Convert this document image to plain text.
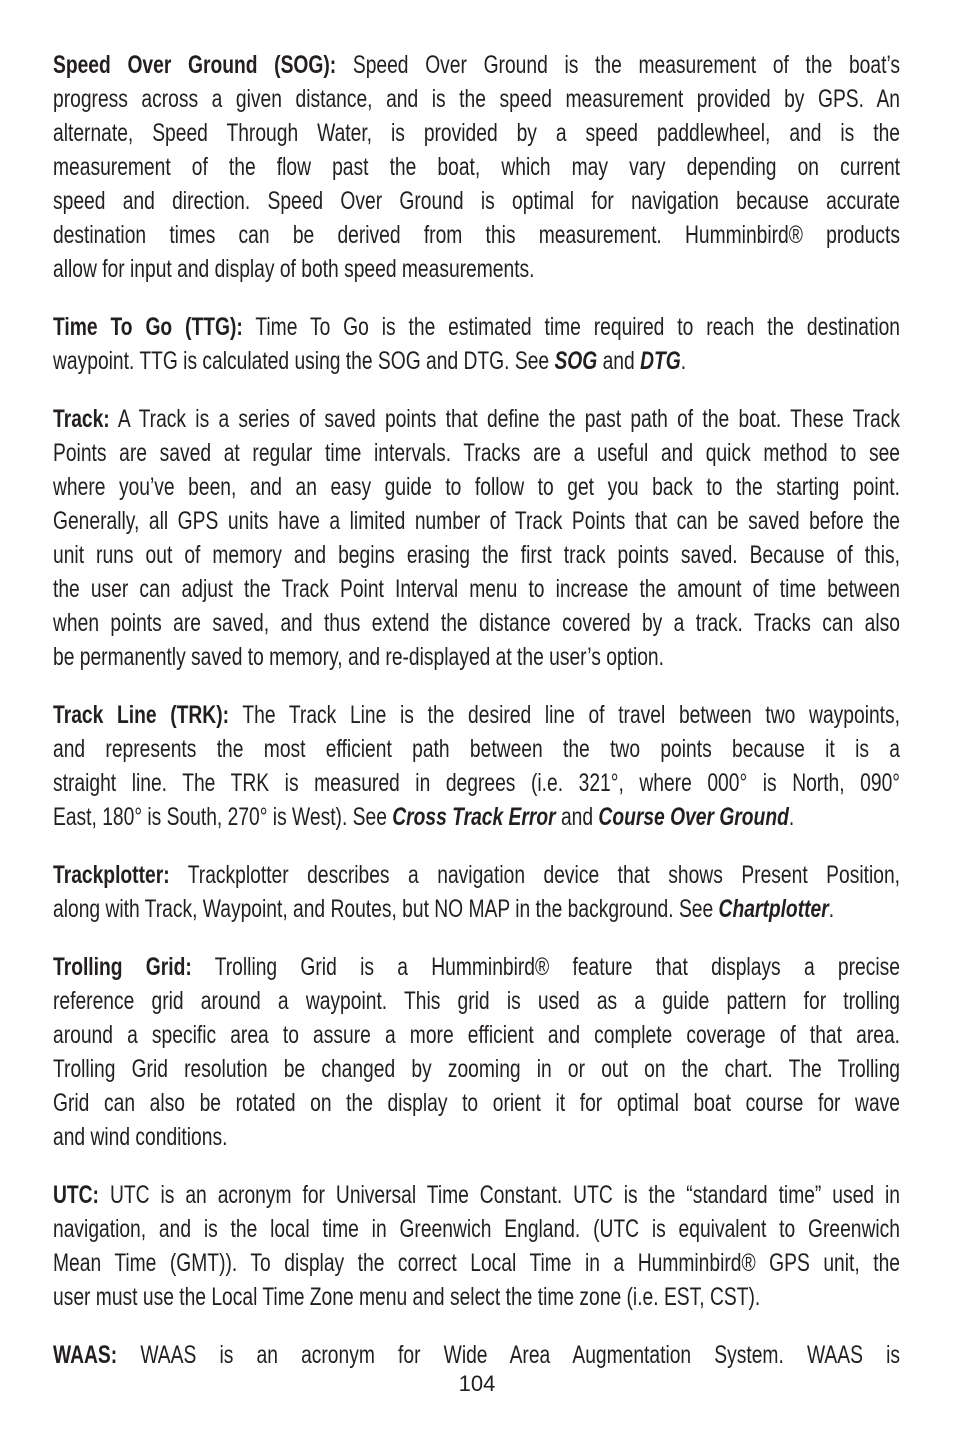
Speed Over Ground (SOG): Speed Over Ground is the measurement of the boat’s
progress across a given distance, and is the speed measurement provided by GPS. An
alternate, Speed Through Water, is provided by a speed paddlewheel, and is the
measurement of the flow past the boat, which may vary depending on current
speed and direction. Speed Over Ground is optimal for navigation because accurate
destination times can be derived from this measurement. Humminbird® products
allow for input and display of both speed measurements.
Time To Go (TTG): Time To Go is the estimated time required to reach the destination
waypoint. TTG is calculated using the SOG and DTG. See SOG and DTG.
Track: A Track is a series of saved points that define the past path of the boat. These Track
Points are saved at regular time intervals. Tracks are a useful and quick method to see
where you’ve been, and an easy guide to follow to get you back to the starting point.
Generally, all GPS units have a limited number of Track Points that can be saved before the
unit runs out of memory and begins erasing the first track points saved. Because of this,
the user can adjust the Track Point Interval menu to increase the amount of time between
when points are saved, and thus extend the distance covered by a track. Tracks can also
be permanently saved to memory, and re-displayed at the user’s option.
Track Line (TRK): The Track Line is the desired line of travel between two waypoints,
and represents the most efficient path between the two points because it is a
straight line. The TRK is measured in degrees (i.e. 321°, where 000° is North, 090°
East, 180° is South, 270° is West). See Cross Track Error and Course Over Ground.
Trackplotter: Trackplotter describes a navigation device that shows Present Position,
along with Track, Waypoint, and Routes, but NO MAP in the background. See Chartplotter.
Trolling Grid: Trolling Grid is a Humminbird® feature that displays a precise
reference grid around a waypoint. This grid is used as a guide pattern for trolling
around a specific area to assure a more efficient and complete coverage of that area.
Trolling Grid resolution be changed by zooming in or out on the chart. The Trolling
Grid can also be rotated on the display to orient it for optimal boat course for wave
and wind conditions.
UTC: UTC is an acronym for Universal Time Constant. UTC is the “standard time” used in
navigation, and is the local time in Greenwich England. (UTC is equivalent to Greenwich
Mean Time (GMT)). To display the correct Local Time in a Humminbird® GPS unit, the
user must use the Local Time Zone menu and select the time zone (i.e. EST, CST).
WAAS: WAAS is an acronym for Wide Area Augmentation System. WAAS is
104
